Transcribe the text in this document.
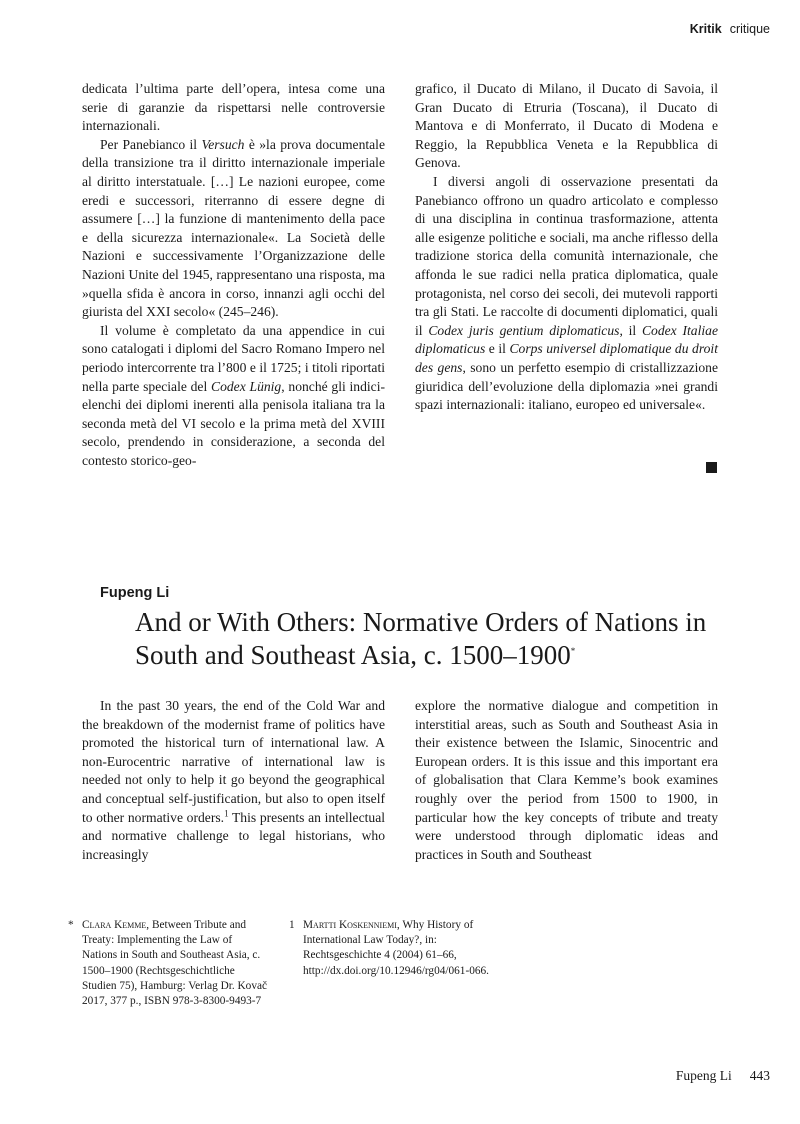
Kritik critique

dedicata l’ultima parte dell’opera, intesa come una serie di garanzie da rispettarsi nelle controversie internazionali.

Per Panebianco il Versuch è »la prova documentale della transizione tra il diritto internazionale imperiale al diritto interstatuale. […] Le nazioni europee, come eredi e successori, riterranno di essere degne di assumere […] la funzione di mantenimento della pace e della sicurezza internazionale«. La Società delle Nazioni e successivamente l’Organizzazione delle Nazioni Unite del 1945, rappresentano una risposta, ma »quella sfida è ancora in corso, innanzi agli occhi del giurista del XXI secolo« (245–246).

Il volume è completato da una appendice in cui sono catalogati i diplomi del Sacro Romano Impero nel periodo intercorrente tra l’800 e il 1725; i titoli riportati nella parte speciale del Codex Lünig, nonché gli indici-elenchi dei diplomi inerenti alla penisola italiana tra la seconda metà del VI secolo e la prima metà del XVIII secolo, prendendo in considerazione, a seconda del contesto storico-geo-

grafico, il Ducato di Milano, il Ducato di Savoia, il Gran Ducato di Etruria (Toscana), il Ducato di Mantova e di Monferrato, il Ducato di Modena e Reggio, la Repubblica Veneta e la Repubblica di Genova.

I diversi angoli di osservazione presentati da Panebianco offrono un quadro articolato e complesso di una disciplina in continua trasformazione, attenta alle esigenze politiche e sociali, ma anche riflesso della tradizione storica della comunità internazionale, che affonda le sue radici nella pratica diplomatica, quale protagonista, nel corso dei secoli, dei mutevoli rapporti tra gli Stati. Le raccolte di documenti diplomatici, quali il Codex juris gentium diplomaticus, il Codex Italiae diplomaticus e il Corps universel diplomatique du droit des gens, sono un perfetto esempio di cristallizzazione giuridica dell’evoluzione della diplomazia »nei grandi spazi internazionali: italiano, europeo ed universale«.

Fupeng Li
And or With Others: Normative Orders of Nations in South and Southeast Asia, c. 1500–1900*

In the past 30 years, the end of the Cold War and the breakdown of the modernist frame of politics have promoted the historical turn of international law. A non-Eurocentric narrative of international law is needed not only to help it go beyond the geographical and conceptual self-justification, but also to open itself to other normative orders.$^1$ This presents an intellectual and normative challenge to legal historians, who increasingly

explore the normative dialogue and competition in interstitial areas, such as South and Southeast Asia in their existence between the Islamic, Sinocentric and European orders. It is this issue and this important era of globalisation that Clara Kemme’s book examines roughly over the period from 1500 to 1900, in particular how the key concepts of tribute and treaty were understood through diplomatic ideas and practices in South and Southeast

* Clara Kemme, Between Tribute and Treaty: Implementing the Law of Nations in South and Southeast Asia, c. 1500–1900 (Rechtsgeschichtliche Studien 75), Hamburg: Verlag Dr. Kovač 2017, 377 p., ISBN 978-3-8300-9493-7
1 Martti Koskenniemi, Why History of International Law Today?, in: Rechtsgeschichte 4 (2004) 61–66, http://dx.doi.org/10.12946/rg04/061-066.
Fupeng Li 443
